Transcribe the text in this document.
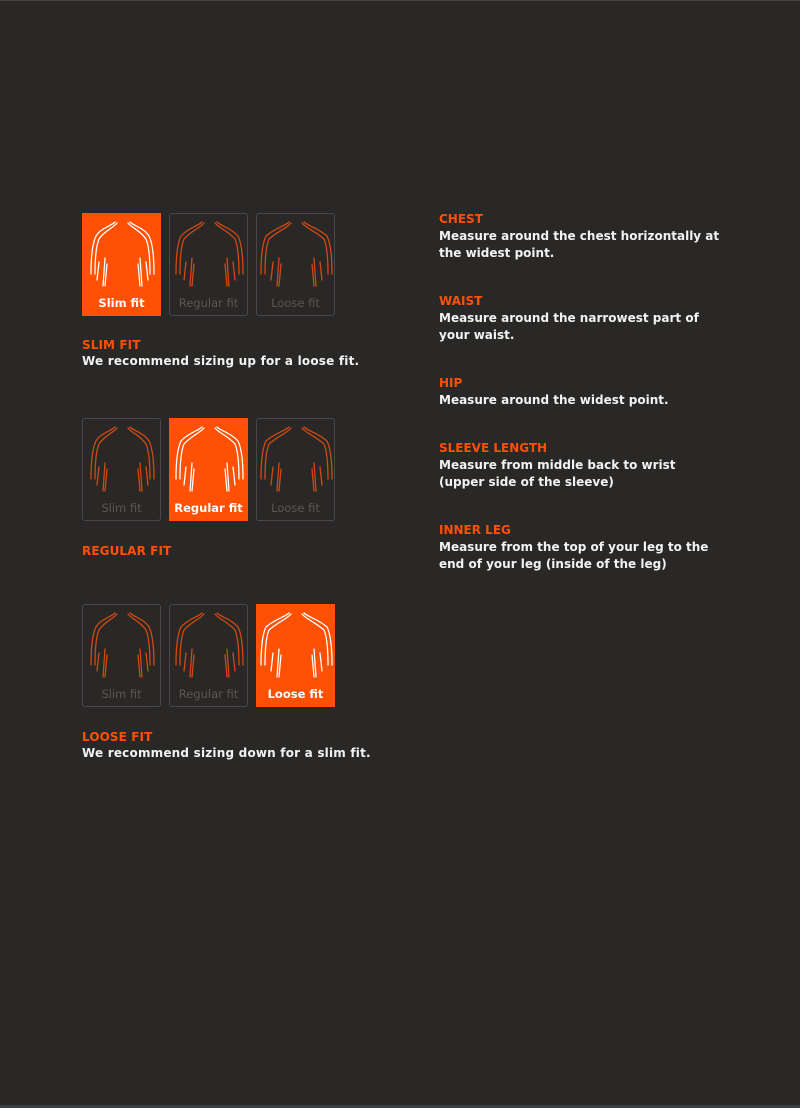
Slim fit	Regular fit	Loose fit

SLIM FIT

We recommend sizing up for a loose fit.

Slim fit	Regular fit	Loose fit

REGULAR FIT

Slim fit	Regular fit	Loose fit

LOOSE FIT

We recommend sizing down for a slim fit.

CHEST

Measure around the chest horizontally at
the widest point.

WAIST

Measure around the narrowest part of
your waist.

HIP

Measure around the widest point.

SLEEVE LENGTH

Measure from middle back to wrist
(upper side of the sleeve)

INNER LEG

Measure from the top of your leg to the
end of your leg (inside of the leg)
